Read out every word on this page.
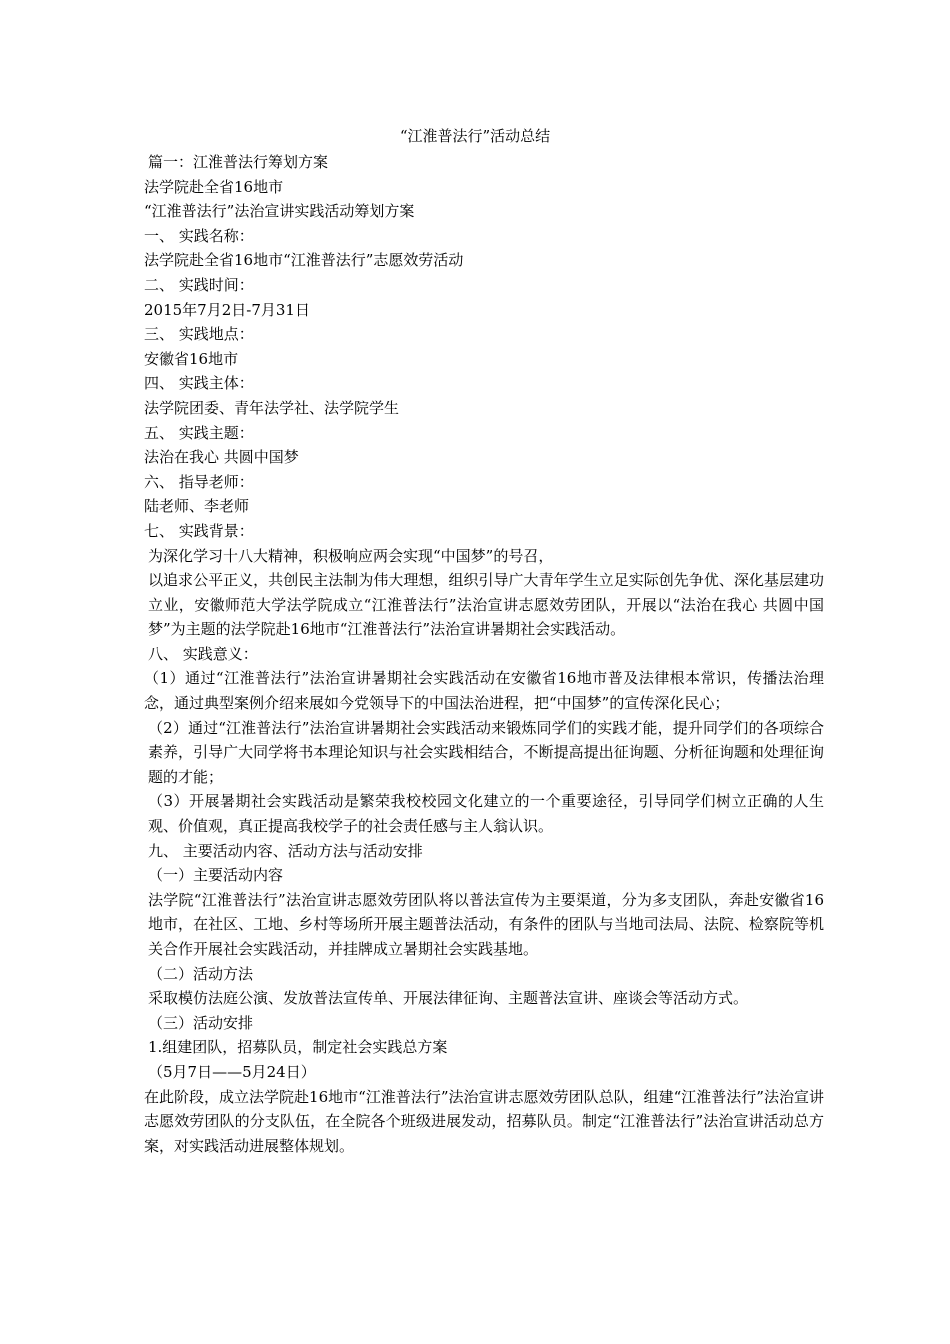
“江淮普法行”活动总结

篇一：江淮普法行筹划方案

法学院赴全省16地市

“江淮普法行”法治宣讲实践活动筹划方案

一、 实践名称：

法学院赴全省16地市“江淮普法行”志愿效劳活动

二、 实践时间：

2015年7月2日-7月31日

三、 实践地点：

安徽省16地市

四、 实践主体：

法学院团委、青年法学社、法学院学生

五、 实践主题：

法治在我心 共圆中国梦

六、 指导老师：

陆老师、李老师

七、 实践背景：

为深化学习十八大精神，积极响应两会实现“中国梦”的号召，

以追求公平正义，共创民主法制为伟大理想，组织引导广大青年学生立足实际创先争优、深化基层建功立业，安徽师范大学法学院成立“江淮普法行”法治宣讲志愿效劳团队，开展以“法治在我心 共圆中国梦”为主题的法学院赴16地市“江淮普法行”法治宣讲暑期社会实践活动。

八、 实践意义：

（1）通过“江淮普法行”法治宣讲暑期社会实践活动在安徽省16地市普及法律根本常识，传播法治理念，通过典型案例介绍来展如今党领导下的中国法治进程，把“中国梦”的宣传深化民心；

（2）通过“江淮普法行”法治宣讲暑期社会实践活动来锻炼同学们的实践才能，提升同学们的各项综合素养，引导广大同学将书本理论知识与社会实践相结合，不断提高提出征询题、分析征询题和处理征询题的才能；

（3）开展暑期社会实践活动是繁荣我校校园文化建立的一个重要途径，引导同学们树立正确的人生观、价值观，真正提高我校学子的社会责任感与主人翁认识。

九、 主要活动内容、活动方法与活动安排

（一）主要活动内容

法学院“江淮普法行”法治宣讲志愿效劳团队将以普法宣传为主要渠道，分为多支团队，奔赴安徽省16地市，在社区、工地、乡村等场所开展主题普法活动，有条件的团队与当地司法局、法院、检察院等机关合作开展社会实践活动，并挂牌成立暑期社会实践基地。

（二）活动方法

采取模仿法庭公演、发放普法宣传单、开展法律征询、主题普法宣讲、座谈会等活动方式。

（三）活动安排

1.组建团队，招募队员，制定社会实践总方案

（5月7日——5月24日）

在此阶段，成立法学院赴16地市“江淮普法行”法治宣讲志愿效劳团队总队，组建“江淮普法行”法治宣讲志愿效劳团队的分支队伍，在全院各个班级进展发动，招募队员。制定“江淮普法行”法治宣讲活动总方案，对实践活动进展整体规划。
